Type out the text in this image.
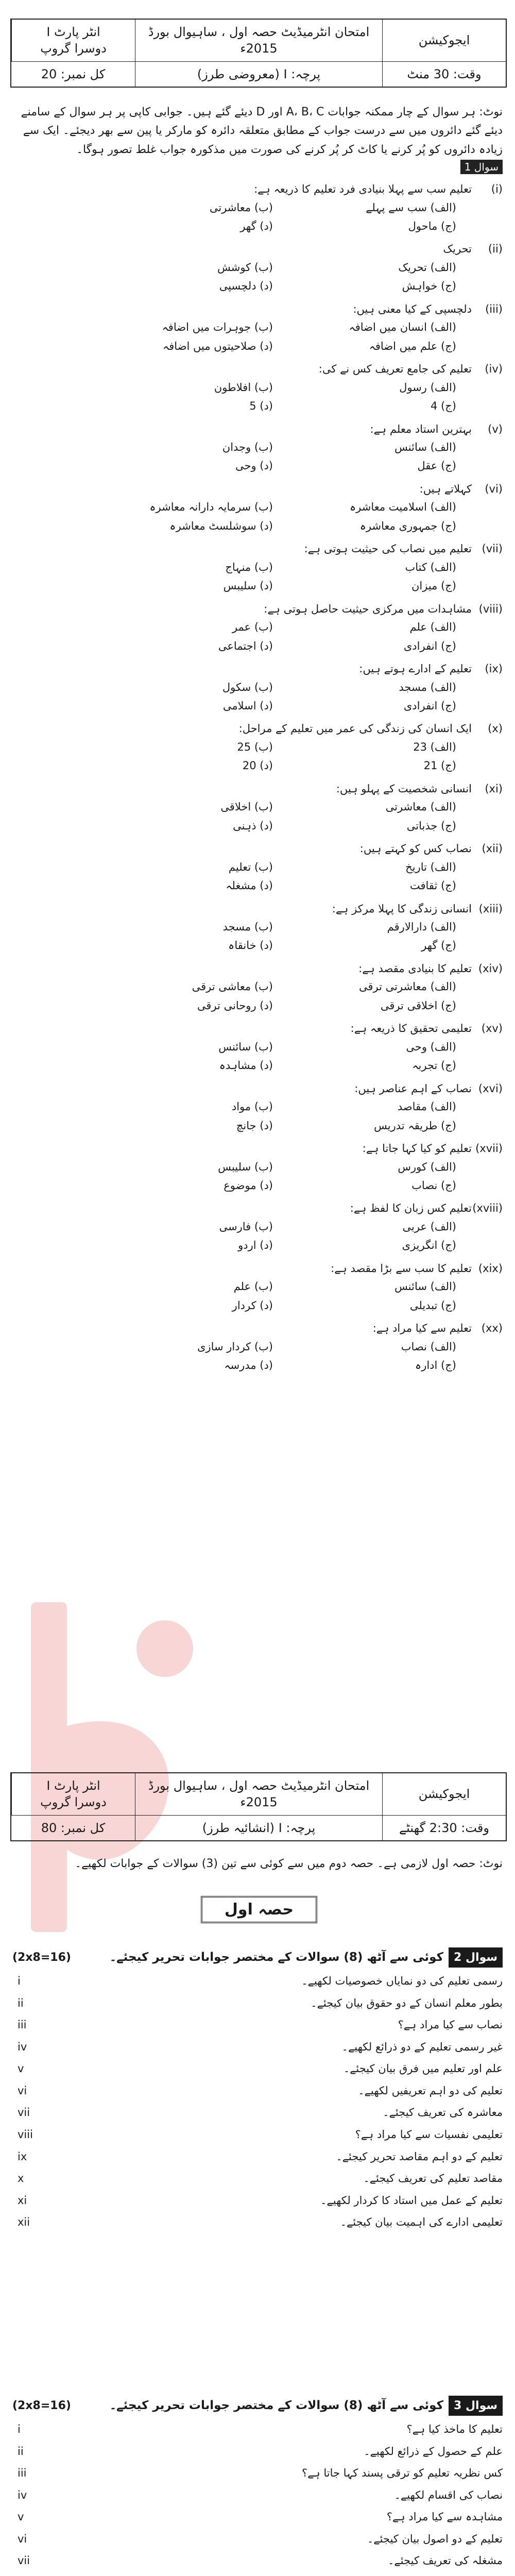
ایجوکیشن
امتحان انٹرمیڈیٹ حصہ اول ، ساہیوال بورڈ 2015ء
انٹر پارٹ I
دوسرا گروپ
وقت: 30 منٹ
پرچہ: I (معروضی طرز)
کل نمبر: 20
نوٹ: ہر سوال کے چار ممکنہ جوابات A، B، C اور D دیئے گئے ہیں۔ جوابی کاپی پر ہر سوال کے سامنے دیئے گئے دائروں میں سے درست جواب کے مطابق متعلقہ دائرہ کو مارکر یا پین سے بھر دیجئے۔ ایک سے زیادہ دائروں کو پُر کرنے یا کاٹ کر پُر کرنے کی صورت میں مذکورہ جواب غلط تصور ہوگا۔
سوال 1
(i)
تعلیم سب سے پہلا بنیادی فرد تعلیم کا ذریعہ ہے:
(الف) سب سے پہلے
(ب) معاشرتی
(ج) ماحول
(د) گھر
(ii)
تحریک
(الف) تحریک
(ب) کوشش
(ج) خواہش
(د) دلچسپی
(iii)
دلچسپی کے کیا معنی ہیں:
(الف) انسان میں اضافہ
(ب) جوہرات میں اضافہ
(ج) علم میں اضافہ
(د) صلاحیتوں میں اضافہ
(iv)
تعلیم کی جامع تعریف کس نے کی:
(الف) رسول
(ب) افلاطون
(ج) 4
(د) 5
(v)
بہترین استاد معلم ہے:
(الف) سائنس
(ب) وجدان
(ج) عقل
(د) وحی
(vi)
کہلاتے ہیں:
(الف) اسلامیت معاشرہ
(ب) سرمایہ دارانہ معاشرہ
(ج) جمہوری معاشرہ
(د) سوشلسٹ معاشرہ
(vii)
تعلیم میں نصاب کی حیثیت ہوتی ہے:
(الف) کتاب
(ب) منہاج
(ج) میزان
(د) سلیبس
(viii)
مشاہدات میں مرکزی حیثیت حاصل ہوتی ہے:
(الف) علم
(ب) عمر
(ج) انفرادی
(د) اجتماعی
(ix)
تعلیم کے ادارے ہوتے ہیں:
(الف) مسجد
(ب) سکول
(ج) انفرادی
(د) اسلامی
(x)
ایک انسان کی زندگی کی عمر میں تعلیم کے مراحل:
(الف) 23
(ب) 25
(ج) 21
(د) 20
(xi)
انسانی شخصیت کے پہلو ہیں:
(الف) معاشرتی
(ب) اخلاقی
(ج) جذباتی
(د) ذہنی
(xii)
نصاب کس کو کہتے ہیں:
(الف) تاریخ
(ب) تعلیم
(ج) ثقافت
(د) مشغلہ
(xiii)
انسانی زندگی کا پہلا مرکز ہے:
(الف) دارالارقم
(ب) مسجد
(ج) گھر
(د) خانقاہ
(xiv)
تعلیم کا بنیادی مقصد ہے:
(الف) معاشرتی ترقی
(ب) معاشی ترقی
(ج) اخلاقی ترقی
(د) روحانی ترقی
(xv)
تعلیمی تحقیق کا ذریعہ ہے:
(الف) وحی
(ب) سائنس
(ج) تجربہ
(د) مشاہدہ
(xvi)
نصاب کے اہم عناصر ہیں:
(الف) مقاصد
(ب) مواد
(ج) طریقہ تدریس
(د) جانچ
(xvii)
تعلیم کو کیا کہا جاتا ہے:
(الف) کورس
(ب) سلیبس
(ج) نصاب
(د) موضوع
(xviii)
تعلیم کس زبان کا لفظ ہے:
(الف) عربی
(ب) فارسی
(ج) انگریزی
(د) اردو
(xix)
تعلیم کا سب سے بڑا مقصد ہے:
(الف) سائنس
(ب) علم
(ج) تبدیلی
(د) کردار
(xx)
تعلیم سے کیا مراد ہے:
(الف) نصاب
(ب) کردار سازی
(ج) ادارہ
(د) مدرسہ
ایجوکیشن
امتحان انٹرمیڈیٹ حصہ اول ، ساہیوال بورڈ 2015ء
انٹر پارٹ I
دوسرا گروپ
وقت: 2:30 گھنٹے
پرچہ: I (انشائیہ طرز)
کل نمبر: 80
نوٹ: حصہ اول لازمی ہے۔ حصہ دوم میں سے کوئی سے تین (3) سوالات کے جوابات لکھیے۔
حصہ اول
سوال 2
کوئی سے آٹھ (8) سوالات کے مختصر جوابات تحریر کیجئے۔
(2x8=16)
رسمی تعلیم کی دو نمایاں خصوصیات لکھیے۔
i
بطور معلم انسان کے دو حقوق بیان کیجئے۔
ii
نصاب سے کیا مراد ہے؟
iii
غیر رسمی تعلیم کے دو ذرائع لکھیے۔
iv
علم اور تعلیم میں فرق بیان کیجئے۔
v
تعلیم کی دو اہم تعریفیں لکھیے۔
vi
معاشرہ کی تعریف کیجئے۔
vii
تعلیمی نفسیات سے کیا مراد ہے؟
viii
تعلیم کے دو اہم مقاصد تحریر کیجئے۔
ix
مقاصد تعلیم کی تعریف کیجئے۔
x
تعلیم کے عمل میں استاد کا کردار لکھیے۔
xi
تعلیمی ادارے کی اہمیت بیان کیجئے۔
xii
سوال 3
کوئی سے آٹھ (8) سوالات کے مختصر جوابات تحریر کیجئے۔
(2x8=16)
تعلیم کا ماخذ کیا ہے؟
i
علم کے حصول کے ذرائع لکھیے۔
ii
کس نظریہ تعلیم کو ترقی پسند کہا جاتا ہے؟
iii
نصاب کی اقسام لکھیے۔
iv
مشاہدہ سے کیا مراد ہے؟
v
تعلیم کے دو اصول بیان کیجئے۔
vi
مشغلہ کی تعریف کیجئے۔
vii
